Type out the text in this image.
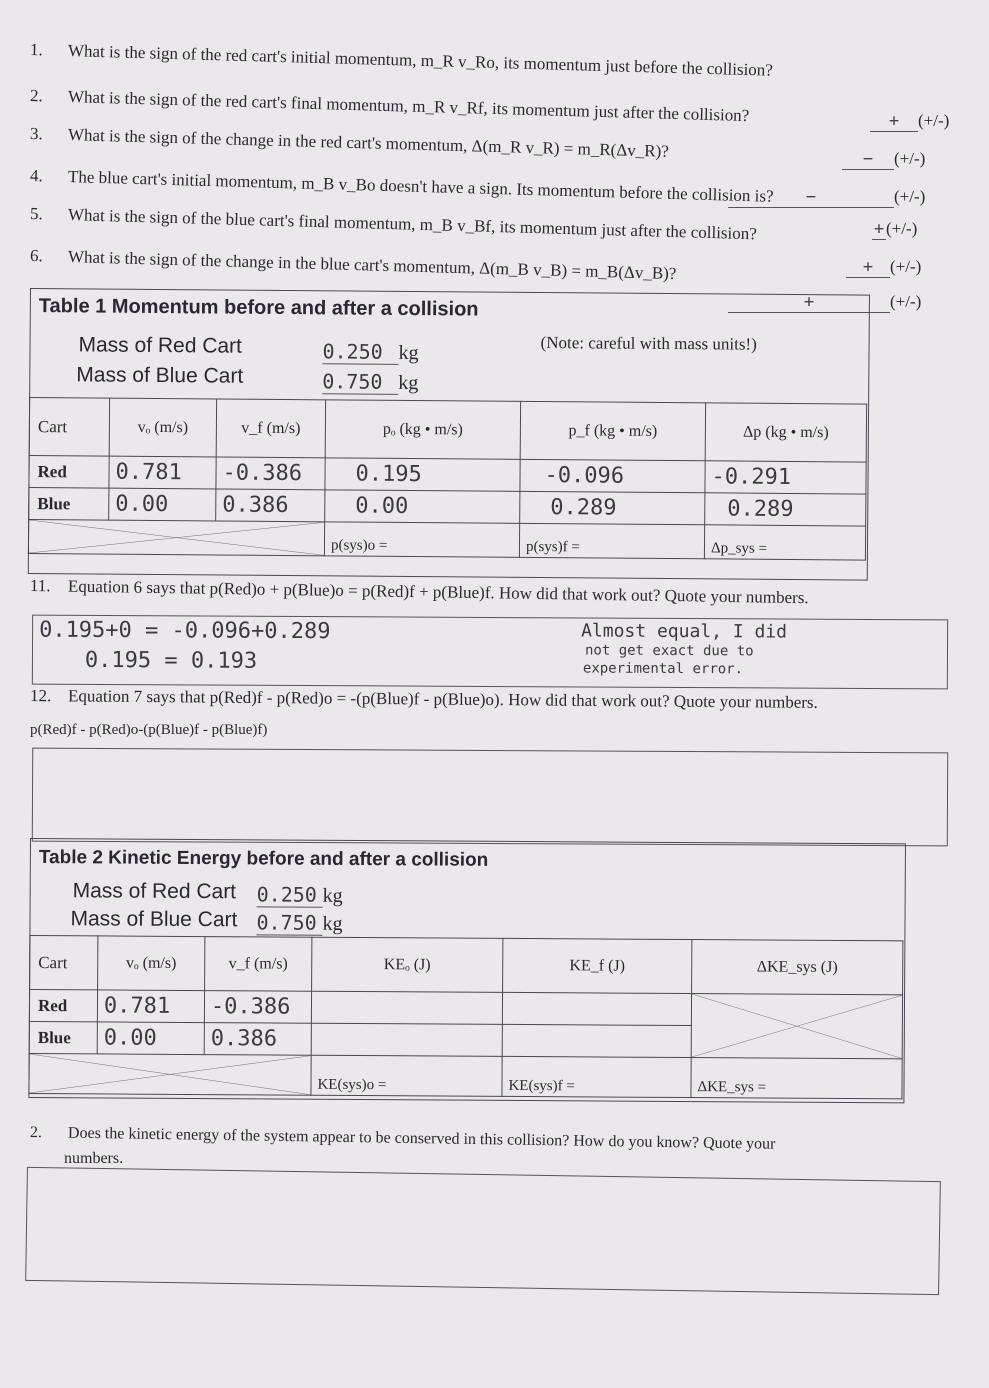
1. What is the sign of the red cart's initial momentum, m_R v_Ro, its momentum just before the collision?
+ (+/-)
2. What is the sign of the red cart's final momentum, m_R v_Rf, its momentum just after the collision?
− (+/-)
3. What is the sign of the change in the red cart's momentum, Δ(m_R v_R) = m_R(Δv_R)?
−	(+/-)
4. The blue cart's initial momentum, m_B v_Bo doesn't have a sign. Its momentum before the collision is?
+ (+/-)
5. What is the sign of the blue cart's final momentum, m_B v_Bf, its momentum just after the collision?
+ (+/-)
6. What is the sign of the change in the blue cart's momentum, Δ(m_B v_B) = m_B(Δv_B)?
+	(+/-)
Table 1 Momentum before and after a collision
(Note: careful with mass units!)
Mass of Red Cart	0.250 kg
Mass of Blue Cart	0.750 kg
Cart	vₒ (m/s)	v_f (m/s)	pₒ (kg • m/s)	p_f (kg • m/s)	Δp (kg • m/s)
Red	0.781	-0.386	0.195	-0.096	-0.291
Blue	0.00	0.386	0.00	0.289	0.289

	p(sys)o =	p(sys)f =	Δp_sys =
11. Equation 6 says that p(Red)o + p(Blue)o = p(Red)f + p(Blue)f. How did that work out? Quote your numbers.
0.195+0 = -0.096+0.289
0.195 = 0.193
Almost equal, I did
not get exact due to
experimental error.
12. Equation 7 says that p(Red)f - p(Red)o = -(p(Blue)f - p(Blue)o). How did that work out? Quote your numbers.
p(Red)f - p(Red)o-(p(Blue)f - p(Blue)f)
Table 2 Kinetic Energy before and after a collision
Mass of Red Cart 0.250 kg
Mass of Blue Cart 0.750 kg
Cart	vₒ (m/s)	v_f (m/s)	KEₒ (J)	KE_f (J)	ΔKE_sys (J)
Red	0.781	-0.386			

Blue	0.00	0.386			

	KE(sys)o =	KE(sys)f =	ΔKE_sys =
2. Does the kinetic energy of the system appear to be conserved in this collision? How do you know? Quote your
numbers.
